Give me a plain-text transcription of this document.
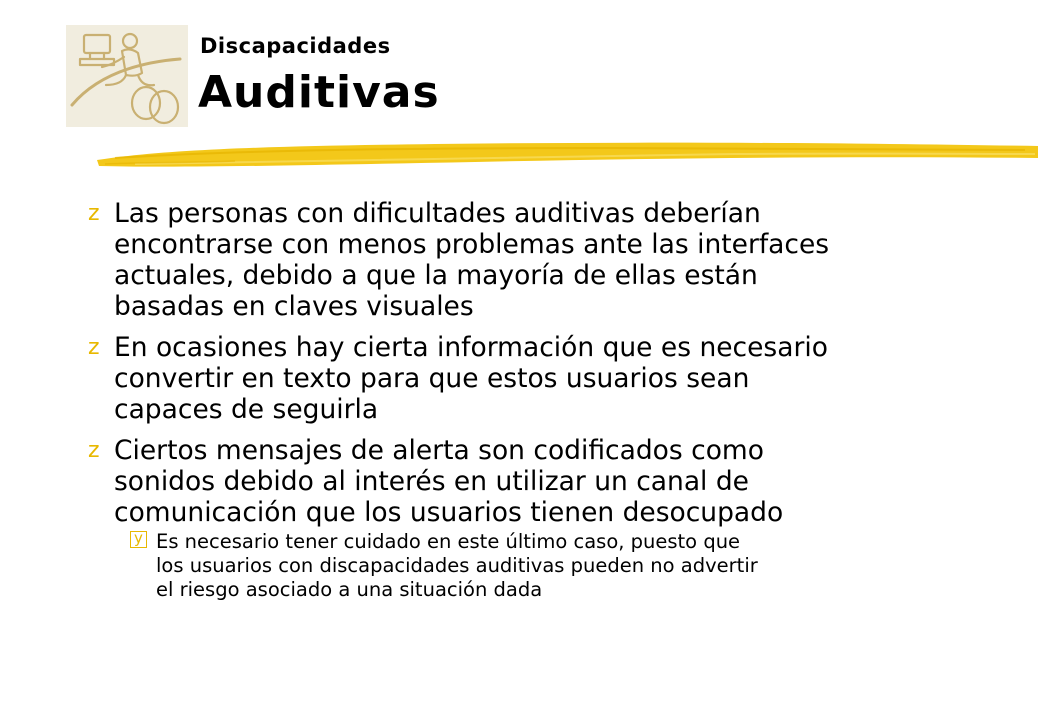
Discapacidades
Auditivas
z Las personas con dificultades auditivas deberían
encontrarse con menos problemas ante las interfaces
actuales, debido a que la mayoría de ellas están
basadas en claves visuales
z En ocasiones hay cierta información que es necesario
convertir en texto para que estos usuarios sean
capaces de seguirla
z Ciertos mensajes de alerta son codificados como
sonidos debido al interés en utilizar un canal de
comunicación que los usuarios tienen desocupado
y Es necesario tener cuidado en este último caso, puesto que
los usuarios con discapacidades auditivas pueden no advertir
el riesgo asociado a una situación dada
